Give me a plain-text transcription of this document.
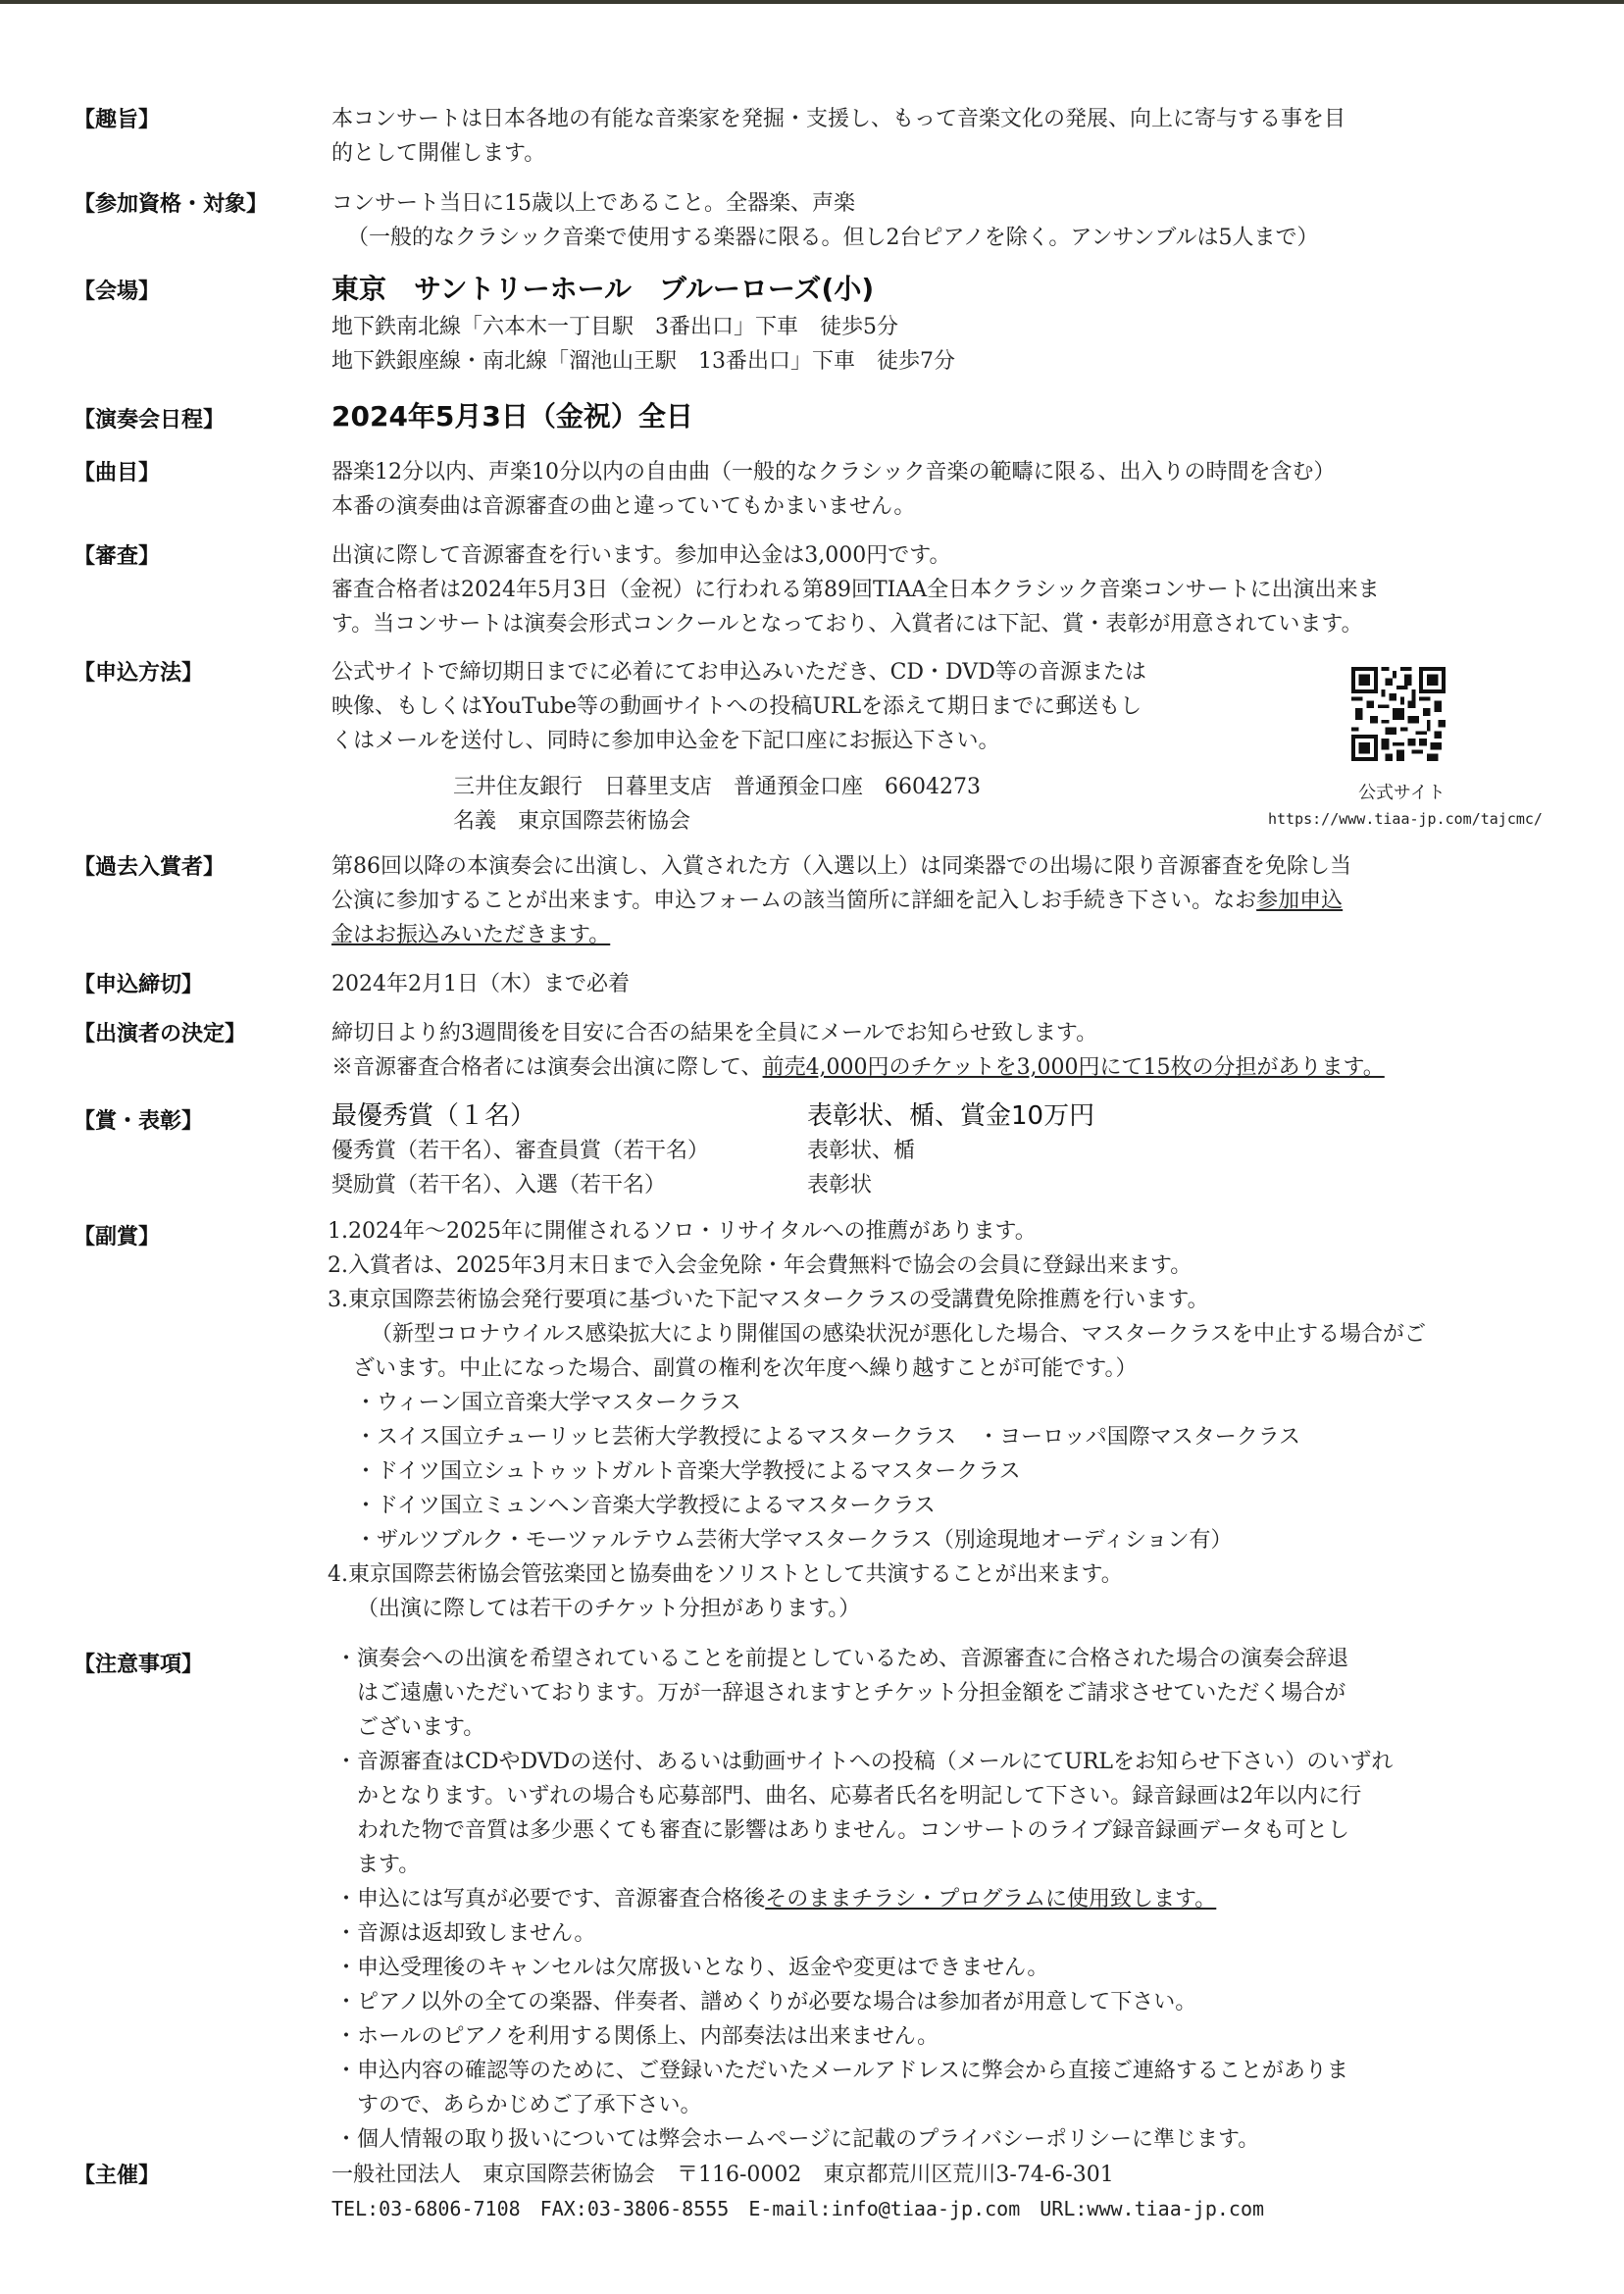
【趣旨】	本コンサートは日本各地の有能な音楽家を発掘・支援し、もって音楽文化の発展、向上に寄与する事を目
的として開催します。
【参加資格・対象】	コンサート当日に15歳以上であること。全器楽、声楽
（一般的なクラシック音楽で使用する楽器に限る。但し2台ピアノを除く。アンサンブルは5人まで）
【会場】	東京　サントリーホール　ブルーローズ(小)
地下鉄南北線「六本木一丁目駅　3番出口」下車　徒歩5分
地下鉄銀座線・南北線「溜池山王駅　13番出口」下車　徒歩7分
【演奏会日程】	2024年5月3日（金祝）全日
【曲目】	器楽12分以内、声楽10分以内の自由曲（一般的なクラシック音楽の範疇に限る、出入りの時間を含む）
本番の演奏曲は音源審査の曲と違っていてもかまいません。
【審査】	出演に際して音源審査を行います。参加申込金は3,000円です。
審査合格者は2024年5月3日（金祝）に行われる第89回TIAA全日本クラシック音楽コンサートに出演出来ま
す。当コンサートは演奏会形式コンクールとなっており、入賞者には下記、賞・表彰が用意されています。
【申込方法】	公式サイトで締切期日までに必着にてお申込みいただき、CD・DVD等の音源または
映像、もしくはYouTube等の動画サイトへの投稿URLを添えて期日までに郵送もし
くはメールを送付し、同時に参加申込金を下記口座にお振込下さい。
三井住友銀行　日暮里支店　普通預金口座　6604273
名義　東京国際芸術協会
公式サイト
https://www.tiaa-jp.com/tajcmc/
【過去入賞者】	第86回以降の本演奏会に出演し、入賞された方（入選以上）は同楽器での出場に限り音源審査を免除し当
公演に参加することが出来ます。申込フォームの該当箇所に詳細を記入しお手続き下さい。なお参加申込
金はお振込みいただきます。
【申込締切】	2024年2月1日（木）まで必着
【出演者の決定】	締切日より約3週間後を目安に合否の結果を全員にメールでお知らせ致します。
※音源審査合格者には演奏会出演に際して、前売4,000円のチケットを3,000円にて15枚の分担があります。
【賞・表彰】	最優秀賞（１名）	表彰状、楯、賞金10万円
優秀賞（若干名）、審査員賞（若干名）	表彰状、楯
奨励賞（若干名）、入選（若干名）	表彰状
【副賞】	1.2024年～2025年に開催されるソロ・リサイタルへの推薦があります。
2.入賞者は、2025年3月末日まで入会金免除・年会費無料で協会の会員に登録出来ます。
3.東京国際芸術協会発行要項に基づいた下記マスタークラスの受講費免除推薦を行います。
（新型コロナウイルス感染拡大により開催国の感染状況が悪化した場合、マスタークラスを中止する場合がご
ざいます。中止になった場合、副賞の権利を次年度へ繰り越すことが可能です。）
・ウィーン国立音楽大学マスタークラス
・スイス国立チューリッヒ芸術大学教授によるマスタークラス　・ヨーロッパ国際マスタークラス
・ドイツ国立シュトゥットガルト音楽大学教授によるマスタークラス
・ドイツ国立ミュンヘン音楽大学教授によるマスタークラス
・ザルツブルク・モーツァルテウム芸術大学マスタークラス（別途現地オーディション有）
4.東京国際芸術協会管弦楽団と協奏曲をソリストとして共演することが出来ます。
（出演に際しては若干のチケット分担があります。）
【注意事項】	・演奏会への出演を希望されていることを前提としているため、音源審査に合格された場合の演奏会辞退
はご遠慮いただいております。万が一辞退されますとチケット分担金額をご請求させていただく場合が
ございます。
・音源審査はCDやDVDの送付、あるいは動画サイトへの投稿（メールにてURLをお知らせ下さい）のいずれ
かとなります。いずれの場合も応募部門、曲名、応募者氏名を明記して下さい。録音録画は2年以内に行
われた物で音質は多少悪くても審査に影響はありません。コンサートのライブ録音録画データも可とし
ます。
・申込には写真が必要です、音源審査合格後そのままチラシ・プログラムに使用致します。
・音源は返却致しません。
・申込受理後のキャンセルは欠席扱いとなり、返金や変更はできません。
・ピアノ以外の全ての楽器、伴奏者、譜めくりが必要な場合は参加者が用意して下さい。
・ホールのピアノを利用する関係上、内部奏法は出来ません。
・申込内容の確認等のために、ご登録いただいたメールアドレスに弊会から直接ご連絡することがありま
すので、あらかじめご了承下さい。
・個人情報の取り扱いについては弊会ホームページに記載のプライバシーポリシーに準じます。
【主催】	一般社団法人　東京国際芸術協会　〒116-0002　東京都荒川区荒川3-74-6-301
TEL:03-6806-7108　FAX:03-3806-8555　E-mail:info@tiaa-jp.com　URL:www.tiaa-jp.com
